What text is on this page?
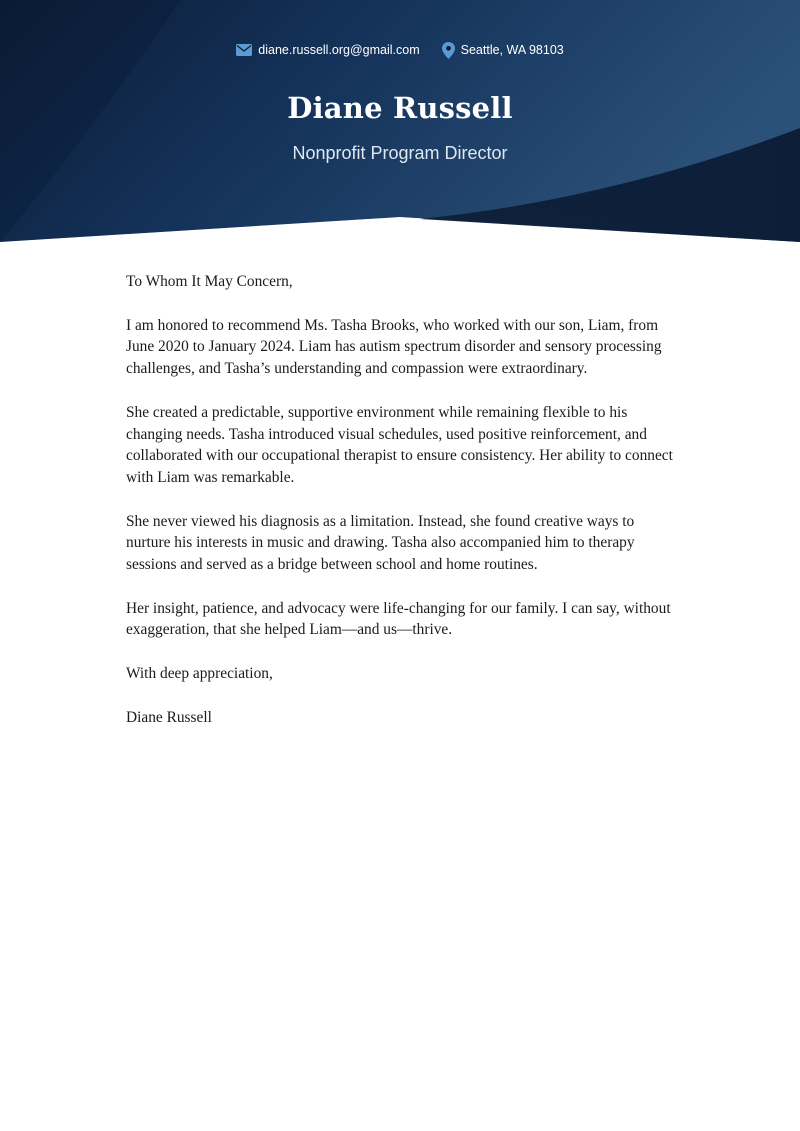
diane.russell.org@gmail.com	Seattle, WA 98103
Diane Russell

Nonprofit Program Director

To Whom It May Concern,

I am honored to recommend Ms. Tasha Brooks, who worked with our son, Liam, from June 2020 to January 2024. Liam has autism spectrum disorder and sensory processing challenges, and Tasha’s understanding and compassion were extraordinary.

She created a predictable, supportive environment while remaining flexible to his changing needs. Tasha introduced visual schedules, used positive reinforcement, and collaborated with our occupational therapist to ensure consistency. Her ability to connect with Liam was remarkable.

She never viewed his diagnosis as a limitation. Instead, she found creative ways to nurture his interests in music and drawing. Tasha also accompanied him to therapy sessions and served as a bridge between school and home routines.

Her insight, patience, and advocacy were life-changing for our family. I can say, without exaggeration, that she helped Liam—and us—thrive.

With deep appreciation,

Diane Russell
